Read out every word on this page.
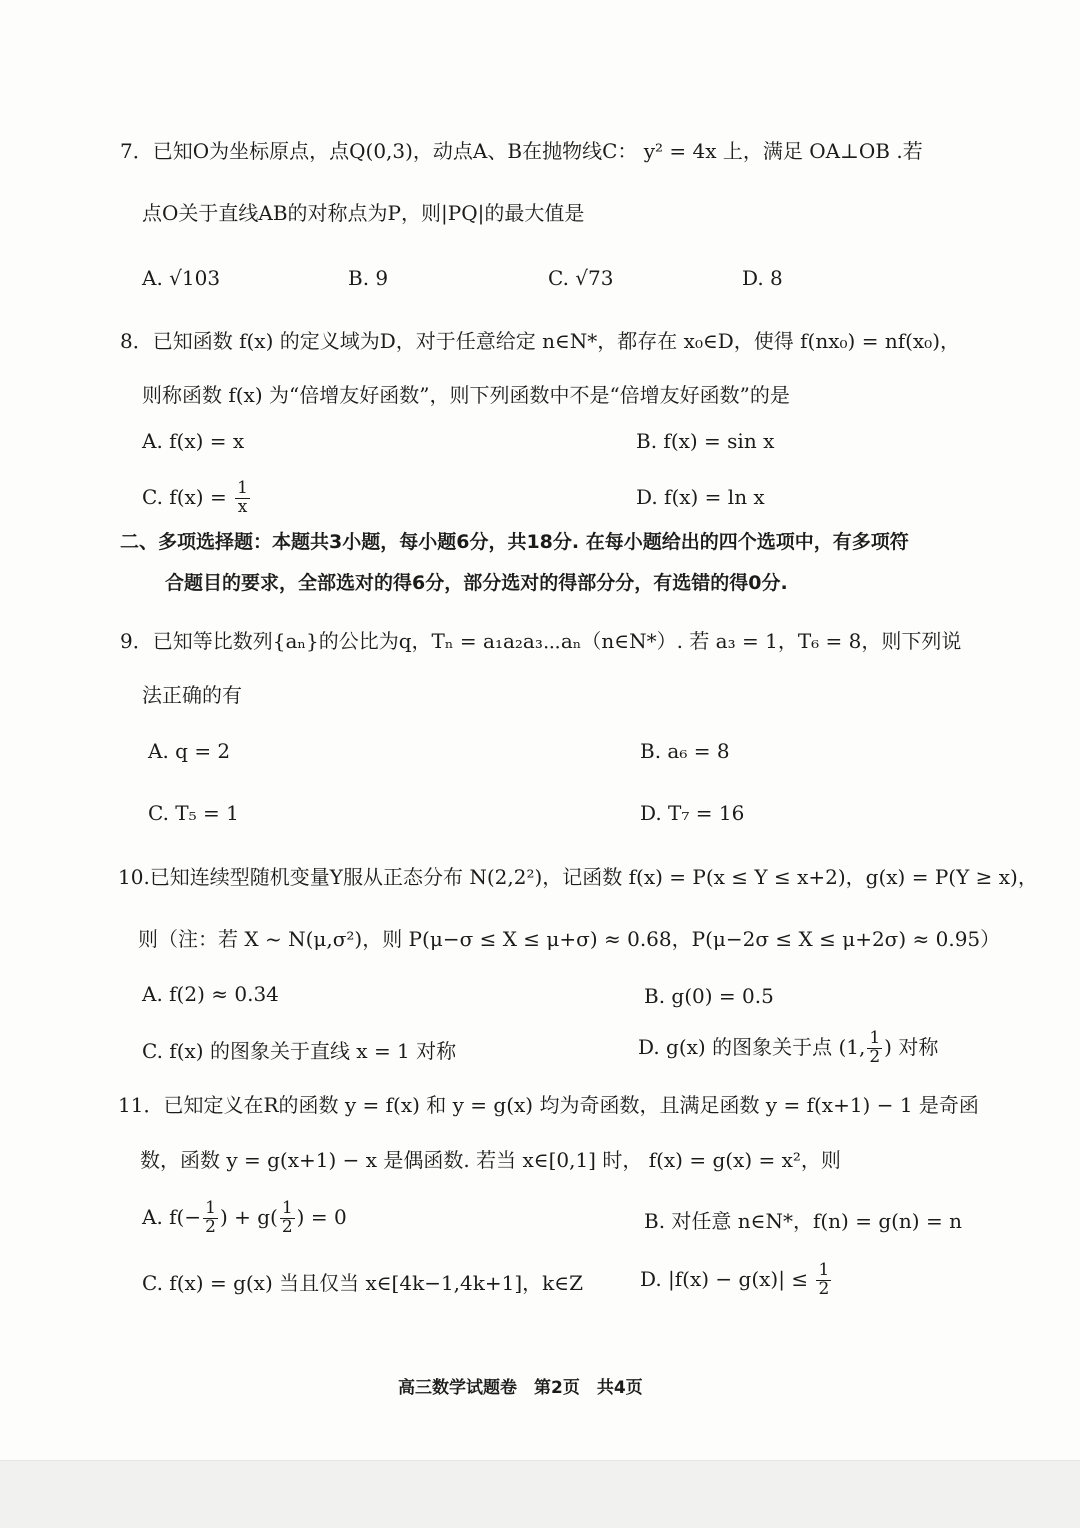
7．已知O为坐标原点，点Q(0,3)，动点A、B在抛物线C： y² = 4x 上，满足 OA⊥OB .若
点O关于直线AB的对称点为P，则|PQ|的最大值是
A. √103	B. 9	C. √73	D. 8
8．已知函数 f(x) 的定义域为D，对于任意给定 n∈N*，都存在 x₀∈D，使得 f(nx₀) = nf(x₀)，
则称函数 f(x) 为“倍增友好函数”，则下列函数中不是“倍增友好函数”的是
A. f(x) = x	B. f(x) = sin x
C. $f(x) = \frac{1}{x}$	D. f(x) = ln x
二、多项选择题：本题共3小题，每小题6分，共18分. 在每小题给出的四个选项中，有多项符
合题目的要求，全部选对的得6分，部分选对的得部分分，有选错的得0分.
9．已知等比数列{aₙ}的公比为q，Tₙ = a₁a₂a₃⋯aₙ（n∈N*）. 若 a₃ = 1，T₆ = 8，则下列说
法正确的有
A. q = 2	B. a₆ = 8
C. T₅ = 1	D. T₇ = 16
10.已知连续型随机变量Y服从正态分布 N(2,2²)，记函数 f(x) = P(x ≤ Y ≤ x+2)，g(x) = P(Y ≥ x)，
则（注：若 X ~ N(μ,σ²)，则 P(μ−σ ≤ X ≤ μ+σ) ≈ 0.68，P(μ−2σ ≤ X ≤ μ+2σ) ≈ 0.95）
A. f(2) ≈ 0.34	B. g(0) = 0.5
C. f(x) 的图象关于直线 x = 1 对称	D. g(x) 的图象关于点 (1, $\frac{1}{2}$ ) 对称
11．已知定义在R的函数 y = f(x) 和 y = g(x) 均为奇函数，且满足函数 y = f(x+1) − 1 是奇函
数，函数 y = g(x+1) − x 是偶函数. 若当 x∈[0,1] 时， f(x) = g(x) = x²，则
A. $f(- \frac{1}{2}$ ) + $g( \frac{1}{2}$ ) = 0	B. 对任意 n∈N*，f(n) = g(n) = n
C. f(x) = g(x) 当且仅当 x∈[4k−1,4k+1]，k∈Z	D. $|f(x) - g(x)| \le \frac{1}{2}$
高三数学试题卷　第2页　共4页
